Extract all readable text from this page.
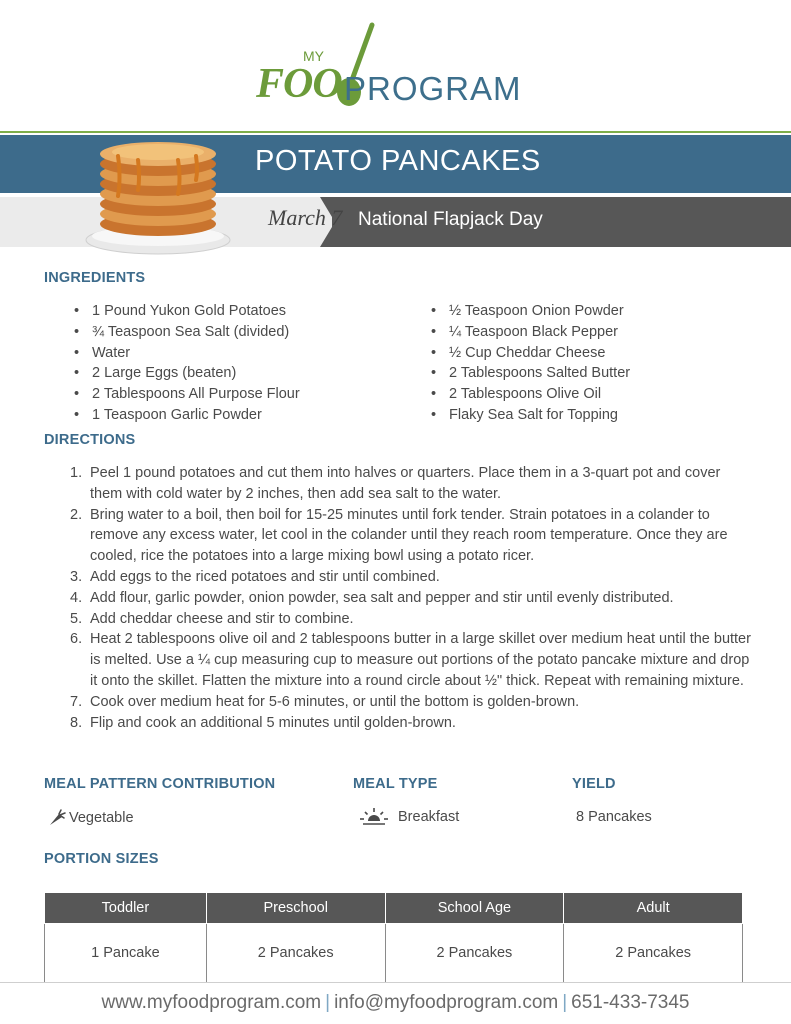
MY
FOO PROGRAM
POTATO PANCAKES
March 7 National Flapjack Day
INGREDIENTS
• 1 Pound Yukon Gold Potatoes
• ¾ Teaspoon Sea Salt (divided)
• Water
• 2 Large Eggs (beaten)
• 2 Tablespoons All Purpose Flour
• 1 Teaspoon Garlic Powder
• ½ Teaspoon Onion Powder
• ¼ Teaspoon Black Pepper
• ½ Cup Cheddar Cheese
• 2 Tablespoons Salted Butter
• 2 Tablespoons Olive Oil
• Flaky Sea Salt for Topping
DIRECTIONS
1. Peel 1 pound potatoes and cut them into halves or quarters. Place them in a 3-quart pot and cover them with cold water by 2 inches, then add sea salt to the water.
2. Bring water to a boil, then boil for 15-25 minutes until fork tender. Strain potatoes in a colander to remove any excess water, let cool in the colander until they reach room temperature. Once they are cooled, rice the potatoes into a large mixing bowl using a potato ricer.
3. Add eggs to the riced potatoes and stir until combined.
4. Add flour, garlic powder, onion powder, sea salt and pepper and stir until evenly distributed.
5. Add cheddar cheese and stir to combine.
6. Heat 2 tablespoons olive oil and 2 tablespoons butter in a large skillet over medium heat until the butter is melted. Use a ¼ cup measuring cup to measure out portions of the potato pancake mixture and drop it onto the skillet. Flatten the mixture into a round circle about ½" thick. Repeat with remaining mixture.
7. Cook over medium heat for 5-6 minutes, or until the bottom is golden-brown.
8. Flip and cook an additional 5 minutes until golden-brown.
MEAL PATTERN CONTRIBUTION	MEAL TYPE	YIELD
Vegetable	Breakfast	8 Pancakes
PORTION SIZES
Toddler	Preschool	School Age	Adult
1 Pancake	2 Pancakes	2 Pancakes	2 Pancakes
www.myfoodprogram.com | info@myfoodprogram.com | 651-433-7345
